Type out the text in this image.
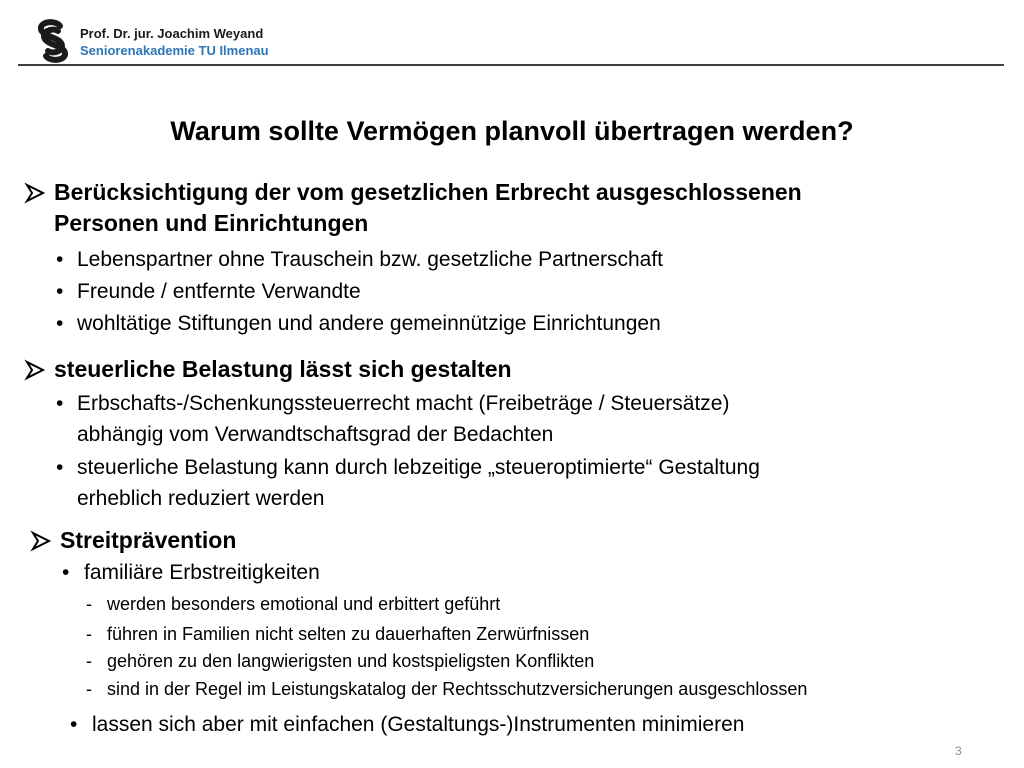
Prof. Dr. jur. Joachim Weyand
Seniorenakademie TU Ilmenau
Warum sollte Vermögen planvoll übertragen werden?
Berücksichtigung der vom gesetzlichen Erbrecht ausgeschlossenen
Personen und Einrichtungen
• Lebenspartner ohne Trauschein bzw. gesetzliche Partnerschaft
• Freunde / entfernte Verwandte
• wohltätige Stiftungen und andere gemeinnützige Einrichtungen
steuerliche Belastung lässt sich gestalten
• Erbschafts-/Schenkungssteuerrecht macht (Freibeträge / Steuersätze)
abhängig vom Verwandtschaftsgrad der Bedachten
• steuerliche Belastung kann durch lebzeitige „steueroptimierte“ Gestaltung
erheblich reduziert werden
Streitprävention
• familiäre Erbstreitigkeiten
- werden besonders emotional und erbittert geführt
- führen in Familien nicht selten zu dauerhaften Zerwürfnissen
- gehören zu den langwierigsten und kostspieligsten Konflikten
- sind in der Regel im Leistungskatalog der Rechtsschutzversicherungen ausgeschlossen
• lassen sich aber mit einfachen (Gestaltungs-)Instrumenten minimieren
3
